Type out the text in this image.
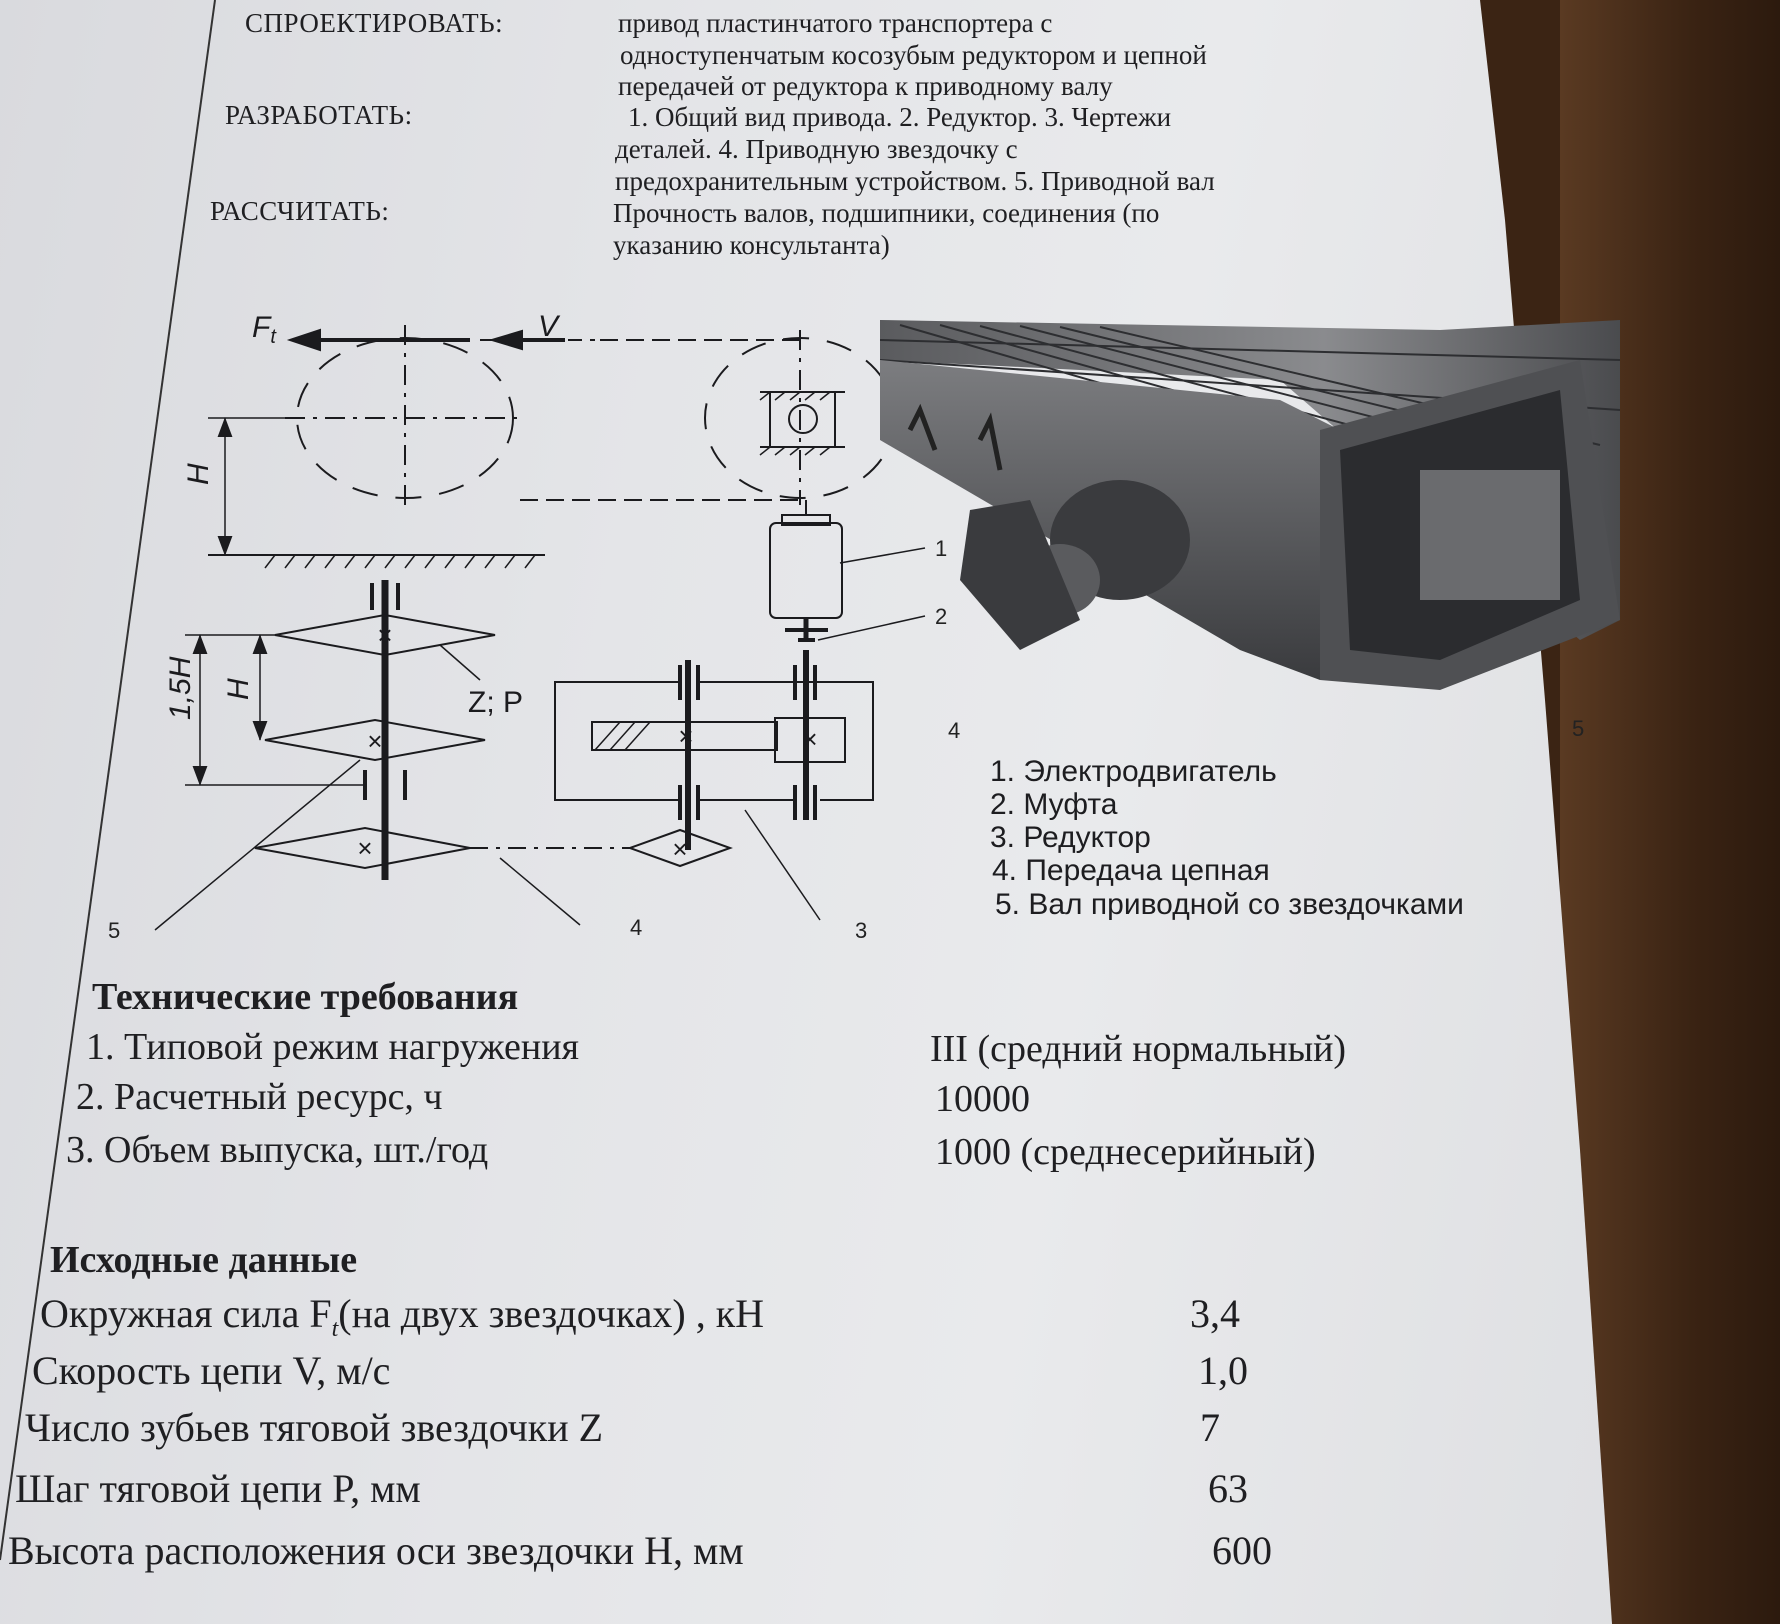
СПРОЕКТИРОВАТЬ:	привод пластинчатого транспортера с
одноступенчатым косозубым редуктором и цепной
передачей от редуктора к приводному валу
РАЗРАБОТАТЬ:	1. Общий вид привода. 2. Редуктор. 3. Чертежи
деталей. 4. Приводную звездочку с
предохранительным устройством. 5. Приводной вал
РАССЧИТАТЬ:	Прочность валов, подшипники, соединения (по
указанию консультанта)
×	×
×
×
×
×
$F_t$	V
H
1,5H H	Z; P
1
2
3
4
5
4	5
1. Электродвигатель
2. Муфта
3. Редуктор
4. Передача цепная
5. Вал приводной со звездочками
Технические требования
1. Типовой режим нагружения	III (средний нормальный)
2. Расчетный ресурс, ч	10000
3. Объем выпуска, шт./год	1000 (среднесерийный)
Исходные данные
Окружная сила $F_t(на$ двух звездочках) , кН	3,4
Скорость цепи V, м/с	1,0
Число зубьев тяговой звездочки Z	7
Шаг тяговой цепи P, мм	63
Высота расположения оси звездочки H, мм	600
